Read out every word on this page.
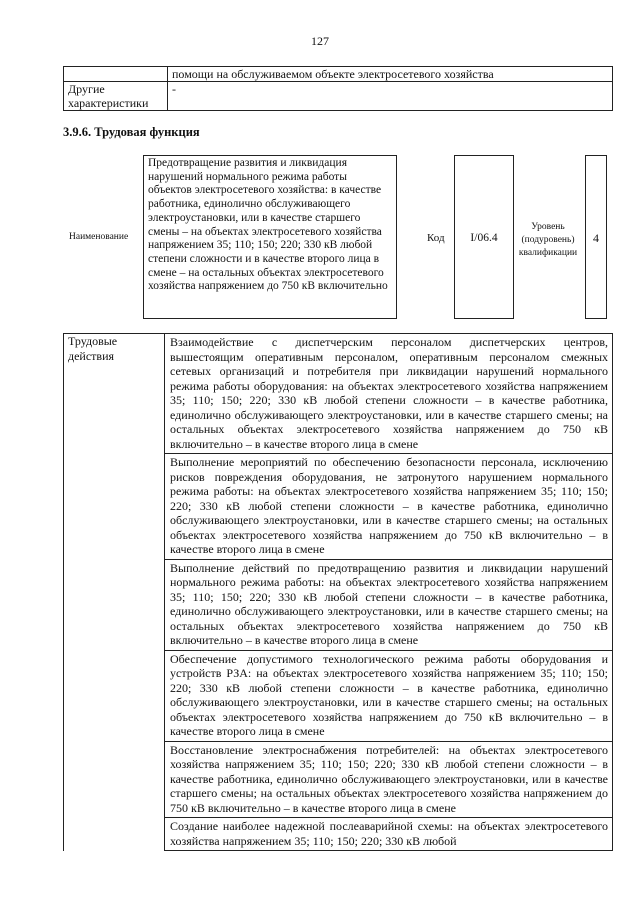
127
	помощи на обслуживаемом объекте электросетевого хозяйства
Другие характеристики	-
3.9.6. Трудовая функция
Наименование
Предотвращение развития и ликвидация нарушений нормального режима работы объектов электросетевого хозяйства: в качестве работника, единолично обслуживающего электроустановки, или в качестве старшего смены – на объектах электросетевого хозяйства напряжением 35; 110; 150; 220; 330 кВ любой степени сложности и в качестве второго лица в смене – на остальных объектах электросетевого хозяйства напряжением до 750 кВ включительно
Код	I/06.4
Уровень (подуровень) квалификации
4
Трудовые действия	Взаимодействие с диспетчерским персоналом диспетчерских центров, вышестоящим оперативным персоналом, оперативным персоналом смежных сетевых организаций и потребителя при ликвидации нарушений нормального режима работы оборудования: на объектах электросетевого хозяйства напряжением 35; 110; 150; 220; 330 кВ любой степени сложности – в качестве работника, единолично обслуживающего электроустановки, или в качестве старшего смены; на остальных объектах электросетевого хозяйства напряжением до 750 кВ включительно – в качестве второго лица в смене
Выполнение мероприятий по обеспечению безопасности персонала, исключению рисков повреждения оборудования, не затронутого нарушением нормального режима работы: на объектах электросетевого хозяйства напряжением 35; 110; 150; 220; 330 кВ любой степени сложности – в качестве работника, единолично обслуживающего электроустановки, или в качестве старшего смены; на остальных объектах электросетевого хозяйства напряжением до 750 кВ включительно – в качестве второго лица в смене
Выполнение действий по предотвращению развития и ликвидации нарушений нормального режима работы: на объектах электросетевого хозяйства напряжением 35; 110; 150; 220; 330 кВ любой степени сложности – в качестве работника, единолично обслуживающего электроустановки, или в качестве старшего смены; на остальных объектах электросетевого хозяйства напряжением до 750 кВ включительно – в качестве второго лица в смене
Обеспечение допустимого технологического режима работы оборудования и устройств РЗА: на объектах электросетевого хозяйства напряжением 35; 110; 150; 220; 330 кВ любой степени сложности – в качестве работника, единолично обслуживающего электроустановки, или в качестве старшего смены; на остальных объектах электросетевого хозяйства напряжением до 750 кВ включительно – в качестве второго лица в смене
Восстановление электроснабжения потребителей: на объектах электросетевого хозяйства напряжением 35; 110; 150; 220; 330 кВ любой степени сложности – в качестве работника, единолично обслуживающего электроустановки, или в качестве старшего смены; на остальных объектах электросетевого хозяйства напряжением до 750 кВ включительно – в качестве второго лица в смене
Создание наиболее надежной послеаварийной схемы: на объектах электросетевого хозяйства напряжением 35; 110; 150; 220; 330 кВ любой
